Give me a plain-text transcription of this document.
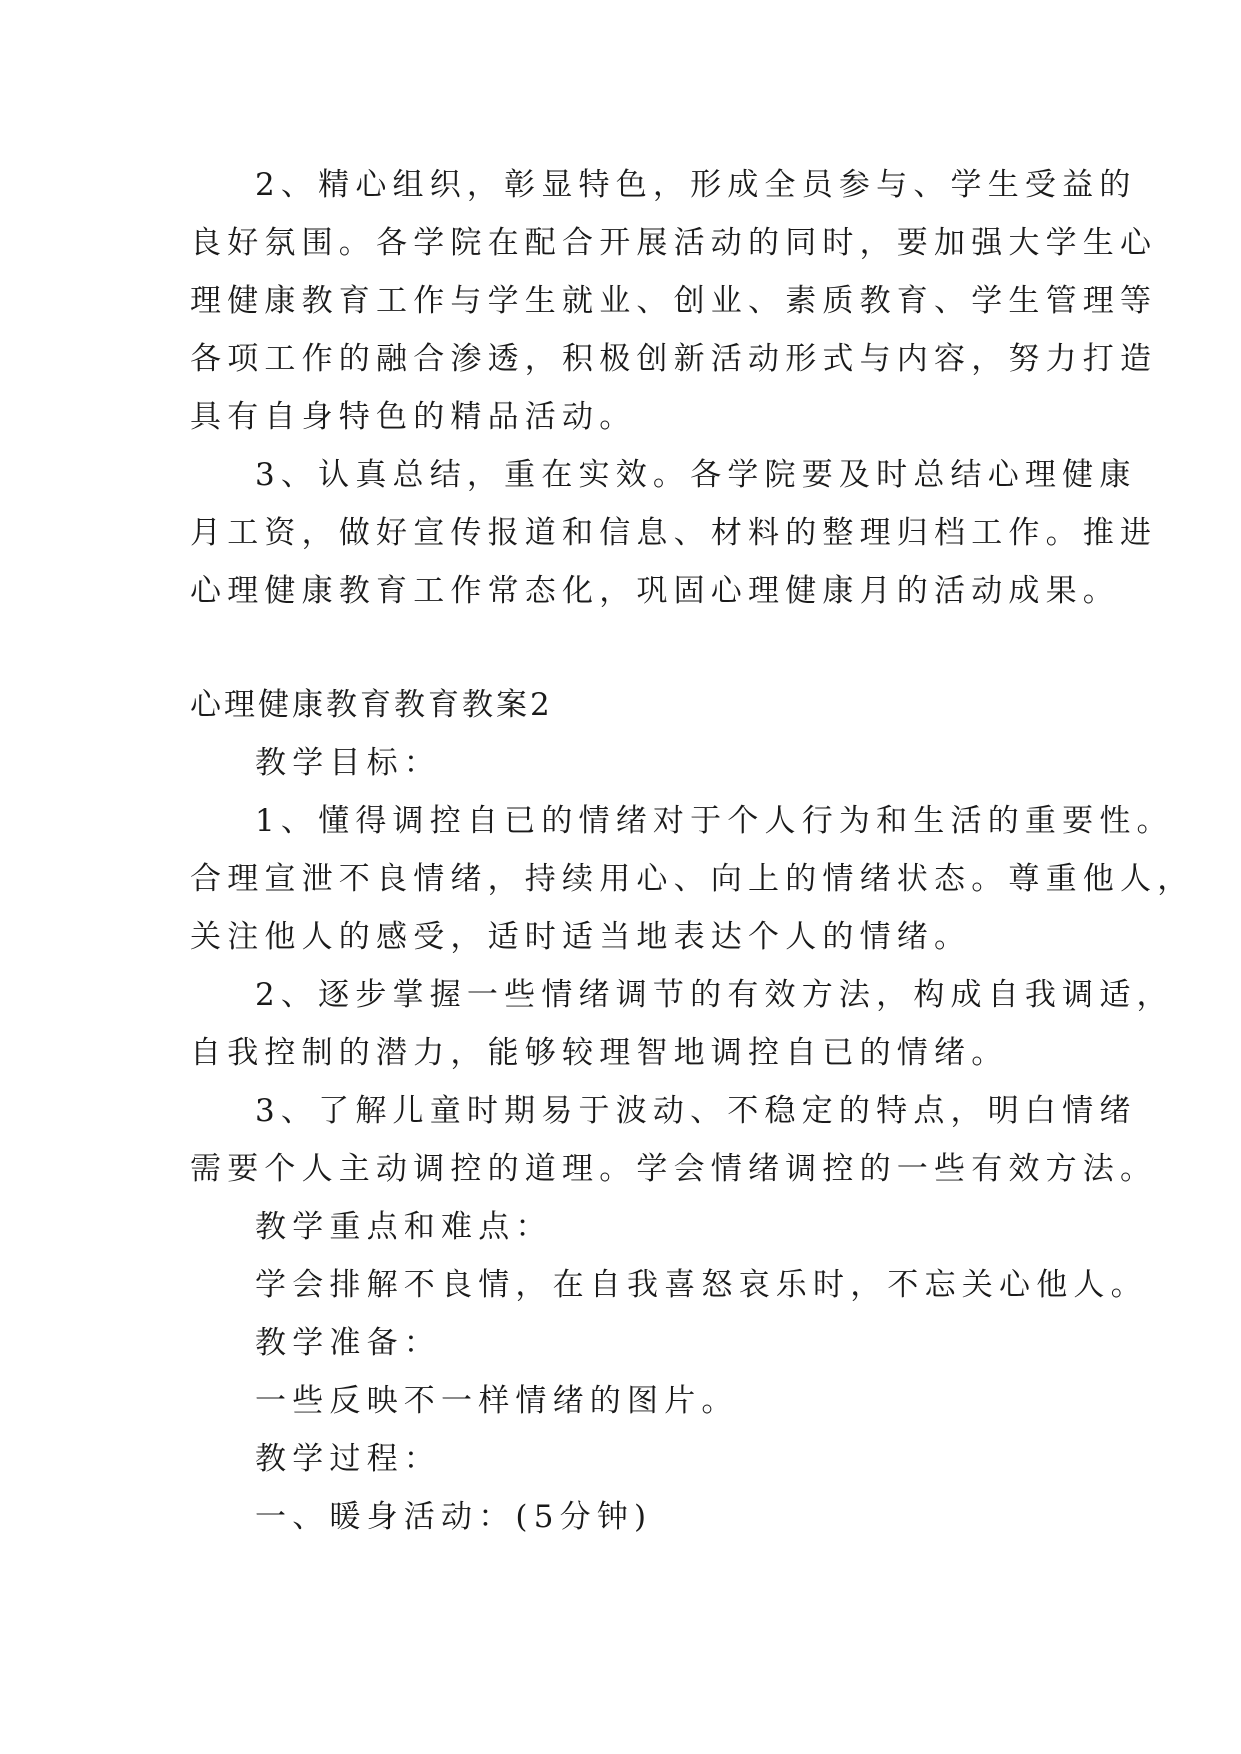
2、精心组织，彰显特色，形成全员参与、学生受益的
良好氛围。各学院在配合开展活动的同时，要加强大学生心
理健康教育工作与学生就业、创业、素质教育、学生管理等
各项工作的融合渗透，积极创新活动形式与内容，努力打造
具有自身特色的精品活动。
3、认真总结，重在实效。各学院要及时总结心理健康
月工资，做好宣传报道和信息、材料的整理归档工作。推进
心理健康教育工作常态化，巩固心理健康月的活动成果。
心理健康教育教育教案2
教学目标：
1、懂得调控自已的情绪对于个人行为和生活的重要性。
合理宣泄不良情绪，持续用心、向上的情绪状态。尊重他人，
关注他人的感受，适时适当地表达个人的情绪。
2、逐步掌握一些情绪调节的有效方法，构成自我调适，
自我控制的潜力，能够较理智地调控自已的情绪。
3、了解儿童时期易于波动、不稳定的特点，明白情绪
需要个人主动调控的道理。学会情绪调控的一些有效方法。
教学重点和难点：
学会排解不良情，在自我喜怒哀乐时，不忘关心他人。
教学准备：
一些反映不一样情绪的图片。
教学过程：
一、暖身活动：(5分钟)
